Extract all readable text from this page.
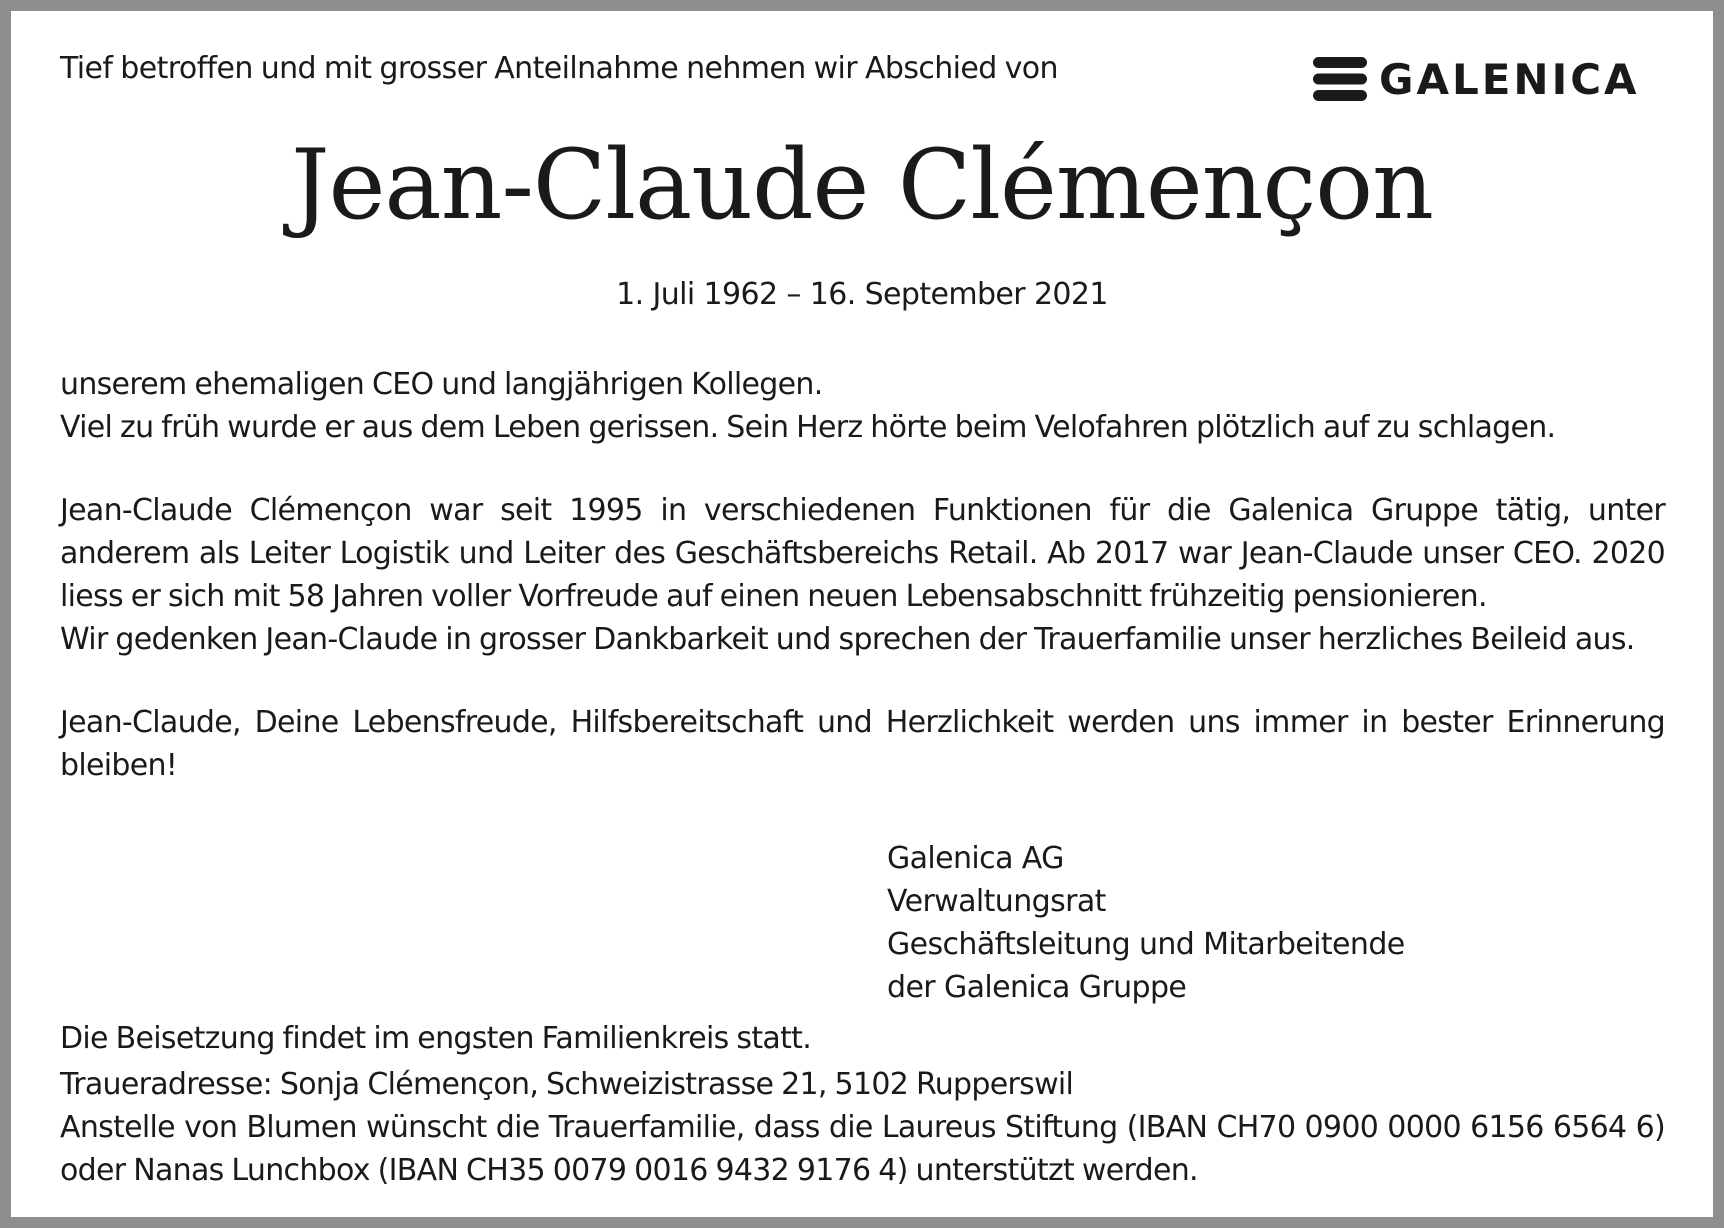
Tief betroffen und mit grosser Anteilnahme nehmen wir Abschied von	GALENICA
Jean-Claude Clémençon
1. Juli 1962 – 16. September 2021

unserem ehemaligen CEO und langjährigen Kollegen.

Viel zu früh wurde er aus dem Leben gerissen. Sein Herz hörte beim Velofahren plötzlich auf zu schlagen.

Jean-Claude Clémençon war seit 1995 in verschiedenen Funktionen für die Galenica Gruppe tätig, unter anderem als Leiter Logistik und Leiter des Geschäftsbereichs Retail. Ab 2017 war Jean-Claude unser CEO. 2020 liess er sich mit 58 Jahren voller Vorfreude auf einen neuen Lebensabschnitt frühzeitig pensionieren.

Wir gedenken Jean-Claude in grosser Dankbarkeit und sprechen der Trauerfamilie unser herzliches Beileid aus.

Jean-Claude, Deine Lebensfreude, Hilfsbereitschaft und Herzlichkeit werden uns immer in bester Erinnerung bleiben!

Galenica AG
Verwaltungsrat
Geschäftsleitung und Mitarbeitende
der Galenica Gruppe

Die Beisetzung findet im engsten Familienkreis statt.

Traueradresse: Sonja Clémençon, Schweizistrasse 21, 5102 Rupperswil

Anstelle von Blumen wünscht die Trauerfamilie, dass die Laureus Stiftung (IBAN CH70 0900 0000 6156 6564 6) oder Nanas Lunchbox (IBAN CH35 0079 0016 9432 9176 4) unterstützt werden.
